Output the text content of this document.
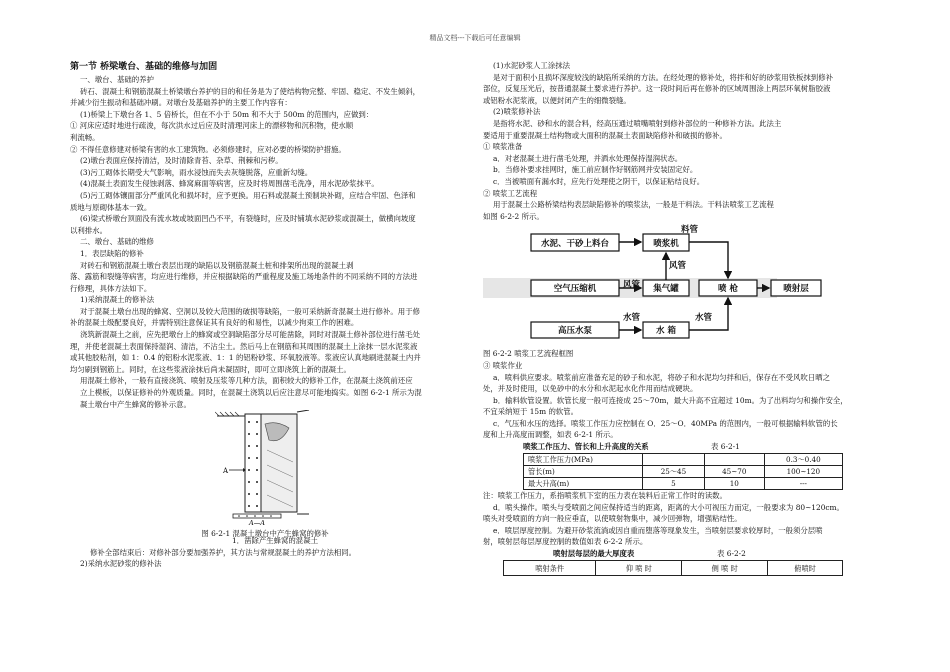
精品文档---下载后可任意编辑
第一节 桥梁墩台、基础的维修与加固

一、墩台、基础的养护

砖石、混凝土和钢筋混凝土桥梁墩台养护的目的和任务是为了使结构物完整、牢固、稳定、不发生倾斜，

并减少衍生振动和基础冲刷。对墩台及基础养护的主要工作内容有：

(1)桥梁上下墩台各 1、5 倍桥长，但在不小于 50m 和不大于 500m 的范围内，应做到：

① 河床应适时地进行疏浚，每次洪水过后应及时清理河床上的漂移物和沉积物，使水顺

利流畅。

② 不得任意修建对桥梁有害的水工建筑物。必须修建时，应对必要的桥梁防护措施。

(2)墩台表面应保持清洁，及时清除青苔、杂草、荆棘和污秽。

(3)污工砌体长期受大气影响，雨水浸蚀而失去灰缝脱落，应重新勾缝。

(4)混凝土表面发生侵蚀剥落、蜂窝麻面等病害，应及时将周围凿毛洗净，用水泥砂浆抹平。

(5)污工砌体镶面部分严重风化和损坏时，应予更换。用石料或混凝土预制块补砌，应结合牢固、色泽和

质地与原砌体基本一致。

(6)梁式桥墩台顶面没有流水坡或坡面凹凸不平，有裂缝时，应及时铺填水泥砂浆或混凝土，做横向坡度

以利排水。

二、墩台、基础的维修

1．表层缺陷的修补

对砖石和钢筋混凝土墩台表层出现的缺陷以及钢筋混凝土桩和排架所出现的混凝土剥

落、露筋和裂缝等病害，均应进行维修，并应根据缺陷的严重程度及施工场地条件的不同采纳不同的方法进

行修理，具体方法如下。

1)采纳混凝土的修补法

对于混凝土墩台出现的蜂窝、空洞以及较大范围的破损等缺陷，一般可采纳新奇混凝土进行修补。用于修

补的混凝土级配要良好，并需特别注意保证其有良好的和易性，以减少拘束工作的困难。

浇筑新混凝土之前，应先把墩台上的蜂窝或空洞缺陷部分尽可能凿除，同时对混凝土修补部位进行凿毛处

理，并使老混凝土表面保持湿润、清洁，不沾尘土。然后马上在钢筋和其周围的混凝土上涂抹一层水泥浆液

或其他胶粘剂，如 1：0.4 的铝粉水泥浆液、1：1 的铝粉砂浆、环氧胶液等。浆液应认真地刷进混凝土内并

均匀刷到钢筋上。同时，在这些浆液涂抹后尚未凝固时，即可立即浇筑上新的混凝土。

用混凝土修补，一般有直接浇筑、喷射及压浆等几种方法，面积较大的修补工作，在混凝土浇筑前还应

立上模板，以保证修补的外观质量。同时，在混凝土浇筑以后应注意尽可能地捣实。如图 6-2-1 所示为混

凝土墩台中产生蜂窝的修补示意。

A
A—A
图 6-2-1 混凝土墩台中产生蜂窝的修补

1．凿除产生蜂窝的混凝土

修补全部结束后：对修补部分要加强养护，其方法与常规混凝土的养护方法相同。

2)采纳水泥砂浆的修补法

(1)水泥砂浆人工涂抹法

是对于面积小且损坏深度较浅的缺陷所采纳的方法。在经处理的修补处，将拌和好的砂浆用铁板抹到修补

部位，反复压光后，按普通混凝土要求进行养护。这一段时间后再在修补的区域周围涂上两层环氧树脂胶液

或铝粉水泥浆液，以便封闭产生的细微裂缝。

(2)喷浆修补法

是指将水泥、砂和水的混合料，经高压通过喷嘴喷射到修补部位的一种修补方法。此法主

要适用于重要混凝土结构物或大面积的混凝土表面缺陷修补和破损的修补。

① 喷浆准备

a．对老混凝土进行凿毛处理，并洒水处理保持湿润状态。

b．当修补要求挂网时，施工前应制作好钢筋网并安装固定好。

c．当被喷面有漏水时，应先行处理使之阴干，以保证粘结良好。

② 喷浆工艺流程

用于混凝土公路桥梁结构表层缺陷修补的喷浆法，一般是干料法。干料法喷浆工艺流程

如图 6-2-2 所示。

水泥、干砂上料台	喷浆机
空气压缩机	集气罐	喷 枪	喷射层
高压水泵	水 箱
料管
风管
风管
水管	水管

图 6-2-2 喷浆工艺流程框图

③ 喷浆作业

a．喷料供应要求。喷浆前应准备充足的砂子和水泥，将砂子和水泥均匀拌和后，保存在不受风吹日晒之

处，并及时使用，以免砂中的水分和水泥起水化作用而结成硬块。

b．输料软管设置。软管长度一般可连接成 25～70m，最大升高不宜超过 10m。为了出料均匀和操作安全，

不宜采纳短于 15m 的软管。

c．气压和水压的选择。喷浆工作压力应控制在 O．25～O．40MPa 的范围内，一般可根据输料软管的长

度和上升高度而调整，如表 6-2-1 所示。

喷浆工作压力、管长和上升高度的关系	表 6-2-1
喷浆工作压力(MPa)			0.3～0.40
管长(m)	25～45	45~70	100~120
最大升高(m)	5	10	---

注：喷浆工作压力，系指喷浆机下室的压力表在装料后正常工作时的读数。

d．喷头操作。喷头与受喷面之间应保持适当的距离，距离的大小可视压力而定，一般要求为 80~120cm。

喷头对受喷面的方向一般应垂直，以使喷射物集中，减少回弹物，增强粘结性。

e．喷层厚度控制。为避开砂浆流淌或因自重而堕落等现象发生，当喷射层要求较厚时，一般须分层喷

射，喷射层每层厚度控制的数值如表 6-2-2 所示。

喷射层每层的最大厚度表	表 6-2-2
喷射条件	仰 喷 时	侧 喷 时	俯喷时
